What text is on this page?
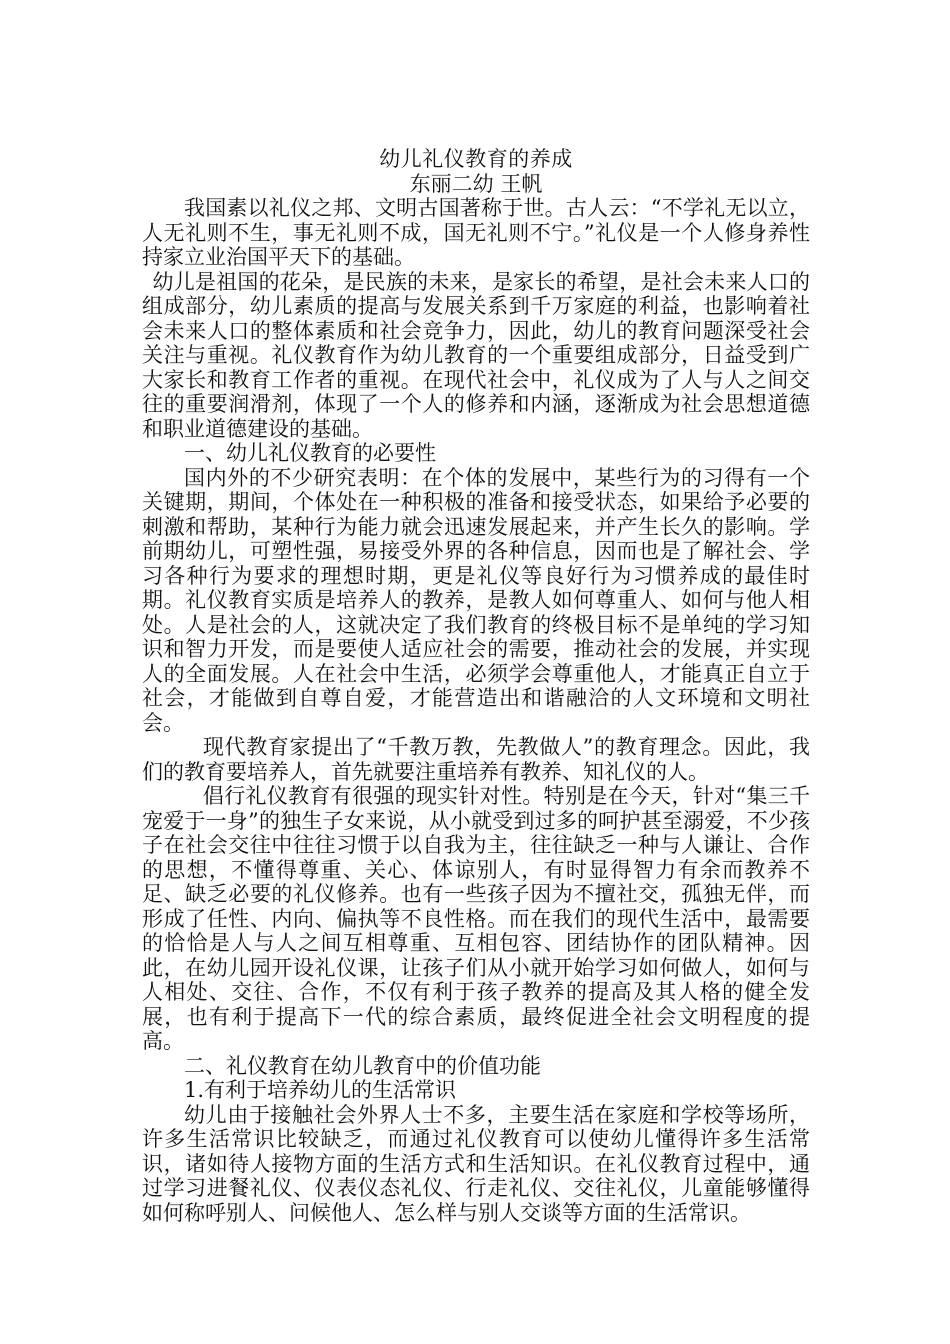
幼儿礼仪教育的养成

东丽二幼 王帆

我国素以礼仪之邦、文明古国著称于世。古人云：“不学礼无以立，人无礼则不生，事无礼则不成，国无礼则不宁。”礼仪是一个人修身养性持家立业治国平天下的基础。

幼儿是祖国的花朵，是民族的未来，是家长的希望，是社会未来人口的组成部分，幼儿素质的提高与发展关系到千万家庭的利益，也影响着社会未来人口的整体素质和社会竞争力，因此，幼儿的教育问题深受社会关注与重视。礼仪教育作为幼儿教育的一个重要组成部分，日益受到广大家长和教育工作者的重视。在现代社会中，礼仪成为了人与人之间交往的重要润滑剂，体现了一个人的修养和内涵，逐渐成为社会思想道德和职业道德建设的基础。

一、幼儿礼仪教育的必要性

国内外的不少研究表明：在个体的发展中，某些行为的习得有一个关键期，期间，个体处在一种积极的准备和接受状态，如果给予必要的刺激和帮助，某种行为能力就会迅速发展起来，并产生长久的影响。学前期幼儿，可塑性强，易接受外界的各种信息，因而也是了解社会、学习各种行为要求的理想时期，更是礼仪等良好行为习惯养成的最佳时期。礼仪教育实质是培养人的教养，是教人如何尊重人、如何与他人相处。人是社会的人，这就决定了我们教育的终极目标不是单纯的学习知识和智力开发，而是要使人适应社会的需要，推动社会的发展，并实现人的全面发展。人在社会中生活，必须学会尊重他人，才能真正自立于社会，才能做到自尊自爱，才能营造出和谐融洽的人文环境和文明社会。

现代教育家提出了“千教万教，先教做人”的教育理念。因此，我们的教育要培养人，首先就要注重培养有教养、知礼仪的人。

倡行礼仪教育有很强的现实针对性。特别是在今天，针对“集三千宠爱于一身”的独生子女来说，从小就受到过多的呵护甚至溺爱，不少孩子在社会交往中往往习惯于以自我为主，往往缺乏一种与人谦让、合作的思想，不懂得尊重、关心、体谅别人，有时显得智力有余而教养不足、缺乏必要的礼仪修养。也有一些孩子因为不擅社交，孤独无伴，而形成了任性、内向、偏执等不良性格。而在我们的现代生活中，最需要的恰恰是人与人之间互相尊重、互相包容、团结协作的团队精神。因此，在幼儿园开设礼仪课，让孩子们从小就开始学习如何做人，如何与人相处、交往、合作，不仅有利于孩子教养的提高及其人格的健全发展，也有利于提高下一代的综合素质，最终促进全社会文明程度的提高。

二、礼仪教育在幼儿教育中的价值功能

1.有利于培养幼儿的生活常识

幼儿由于接触社会外界人士不多，主要生活在家庭和学校等场所，许多生活常识比较缺乏，而通过礼仪教育可以使幼儿懂得许多生活常识，诸如待人接物方面的生活方式和生活知识。在礼仪教育过程中，通过学习进餐礼仪、仪表仪态礼仪、行走礼仪、交往礼仪，儿童能够懂得如何称呼别人、问候他人、怎么样与别人交谈等方面的生活常识。
